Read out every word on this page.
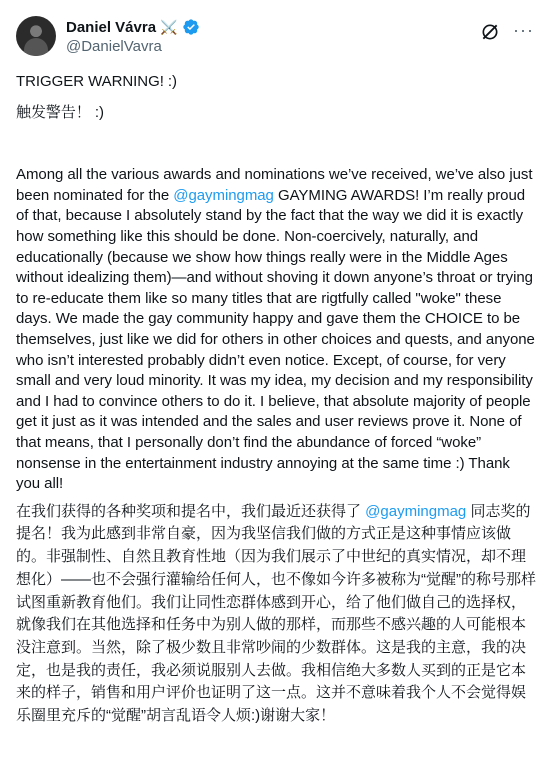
Daniel Vávra ⚔️
@DanielVavra
···

TRIGGER WARNING! :)

触发警告！ :)

Among all the various awards and nominations we’ve received, we’ve also just been nominated for the @gaymingmag GAYMING AWARDS! I’m really proud of that, because I absolutely stand by the fact that the way we did it is exactly how something like this should be done. Non-coercively, naturally, and educationally (because we show how things really were in the Middle Ages without idealizing them)—and without shoving it down anyone’s throat or trying to re-educate them like so many titles that are rigtfully called "woke" these days. We made the gay community happy and gave them the CHOICE to be themselves, just like we did for others in other choices and quests, and anyone who isn’t interested probably didn’t even notice. Except, of course, for very small and very loud minority. It was my idea, my decision and my responsibility and I had to convince others to do it. I believe, that absolute majority of people get it just as it was intended and the sales and user reviews prove it. None of that means, that I personally don’t find the abundance of forced “woke” nonsense in the entertainment industry annoying at the same time :) Thank you all!

在我们获得的各种奖项和提名中，我们最近还获得了 @gaymingmag 同志奖的提名！我为此感到非常自豪，因为我坚信我们做的方式正是这种事情应该做的。非强制性、自然且教育性地（因为我们展示了中世纪的真实情况，却不理想化）——也不会强行灌输给任何人，也不像如今许多被称为“觉醒”的称号那样试图重新教育他们。我们让同性恋群体感到开心，给了他们做自己的选择权，就像我们在其他选择和任务中为别人做的那样，而那些不感兴趣的人可能根本没注意到。当然，除了极少数且非常吵闹的少数群体。这是我的主意，我的决定，也是我的责任，我必须说服别人去做。我相信绝大多数人买到的正是它本来的样子，销售和用户评价也证明了这一点。这并不意味着我个人不会觉得娱乐圈里充斥的“觉醒”胡言乱语令人烦:)谢谢大家！
